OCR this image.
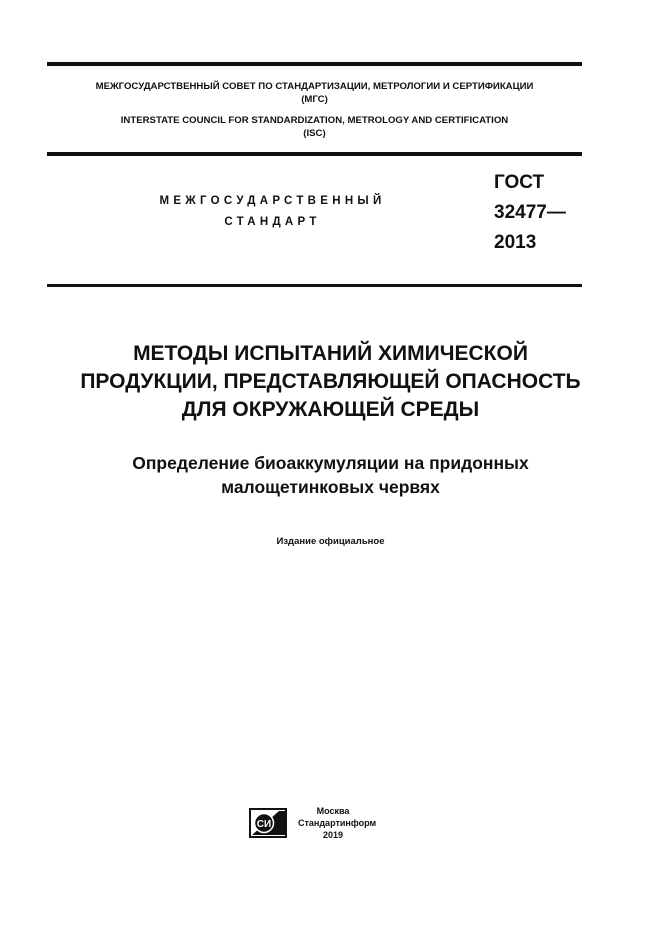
МЕЖГОСУДАРСТВЕННЫЙ СОВЕТ ПО СТАНДАРТИЗАЦИИ, МЕТРОЛОГИИ И СЕРТИФИКАЦИИ
(МГС)
INTERSTATE COUNCIL FOR STANDARDIZATION, METROLOGY AND CERTIFICATION
(ISC)
МЕЖГОСУДАРСТВЕННЫЙ
СТАНДАРТ
ГОСТ
32477—
2013
МЕТОДЫ ИСПЫТАНИЙ ХИМИЧЕСКОЙ
ПРОДУКЦИИ, ПРЕДСТАВЛЯЮЩЕЙ ОПАСНОСТЬ
ДЛЯ ОКРУЖАЮЩЕЙ СРЕДЫ
Определение биоаккумуляции на придонных
малощетинковых червях
Издание официальное
СИ
Москва
Стандартинформ
2019
